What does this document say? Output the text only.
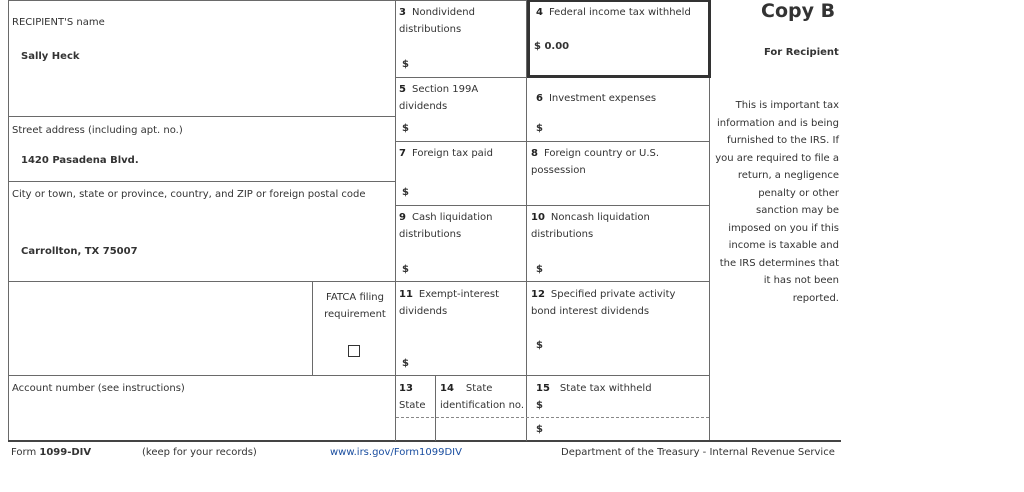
RECIPIENT'S name
Sally Heck
Street address (including apt. no.)
1420 Pasadena Blvd.
City or town, state or province, country, and ZIP or foreign postal code
Carrollton, TX 75007
FATCA filing
requirement
Account number (see instructions)
3 Nondividend
distributions
$
4 Federal income tax withheld
$ 0.00
5 Section 199A
dividends
$
6 Investment expenses
$
7 Foreign tax paid
$
8 Foreign country or U.S.
possession
9 Cash liquidation
distributions
$
10 Noncash liquidation
distributions
$
11 Exempt-interest
dividends
$
12 Specified private activity
bond interest dividends
$
13
State
14 State
identification no.
15 State tax withheld
$
$
Copy B
For Recipient
This is important tax
information and is being
furnished to the IRS. If
you are required to file a
return, a negligence
penalty or other
sanction may be
imposed on you if this
income is taxable and
the IRS determines that
it has not been
reported.
Form 1099-DIV	(keep for your records)	www.irs.gov/Form1099DIV	Department of the Treasury - Internal Revenue Service
